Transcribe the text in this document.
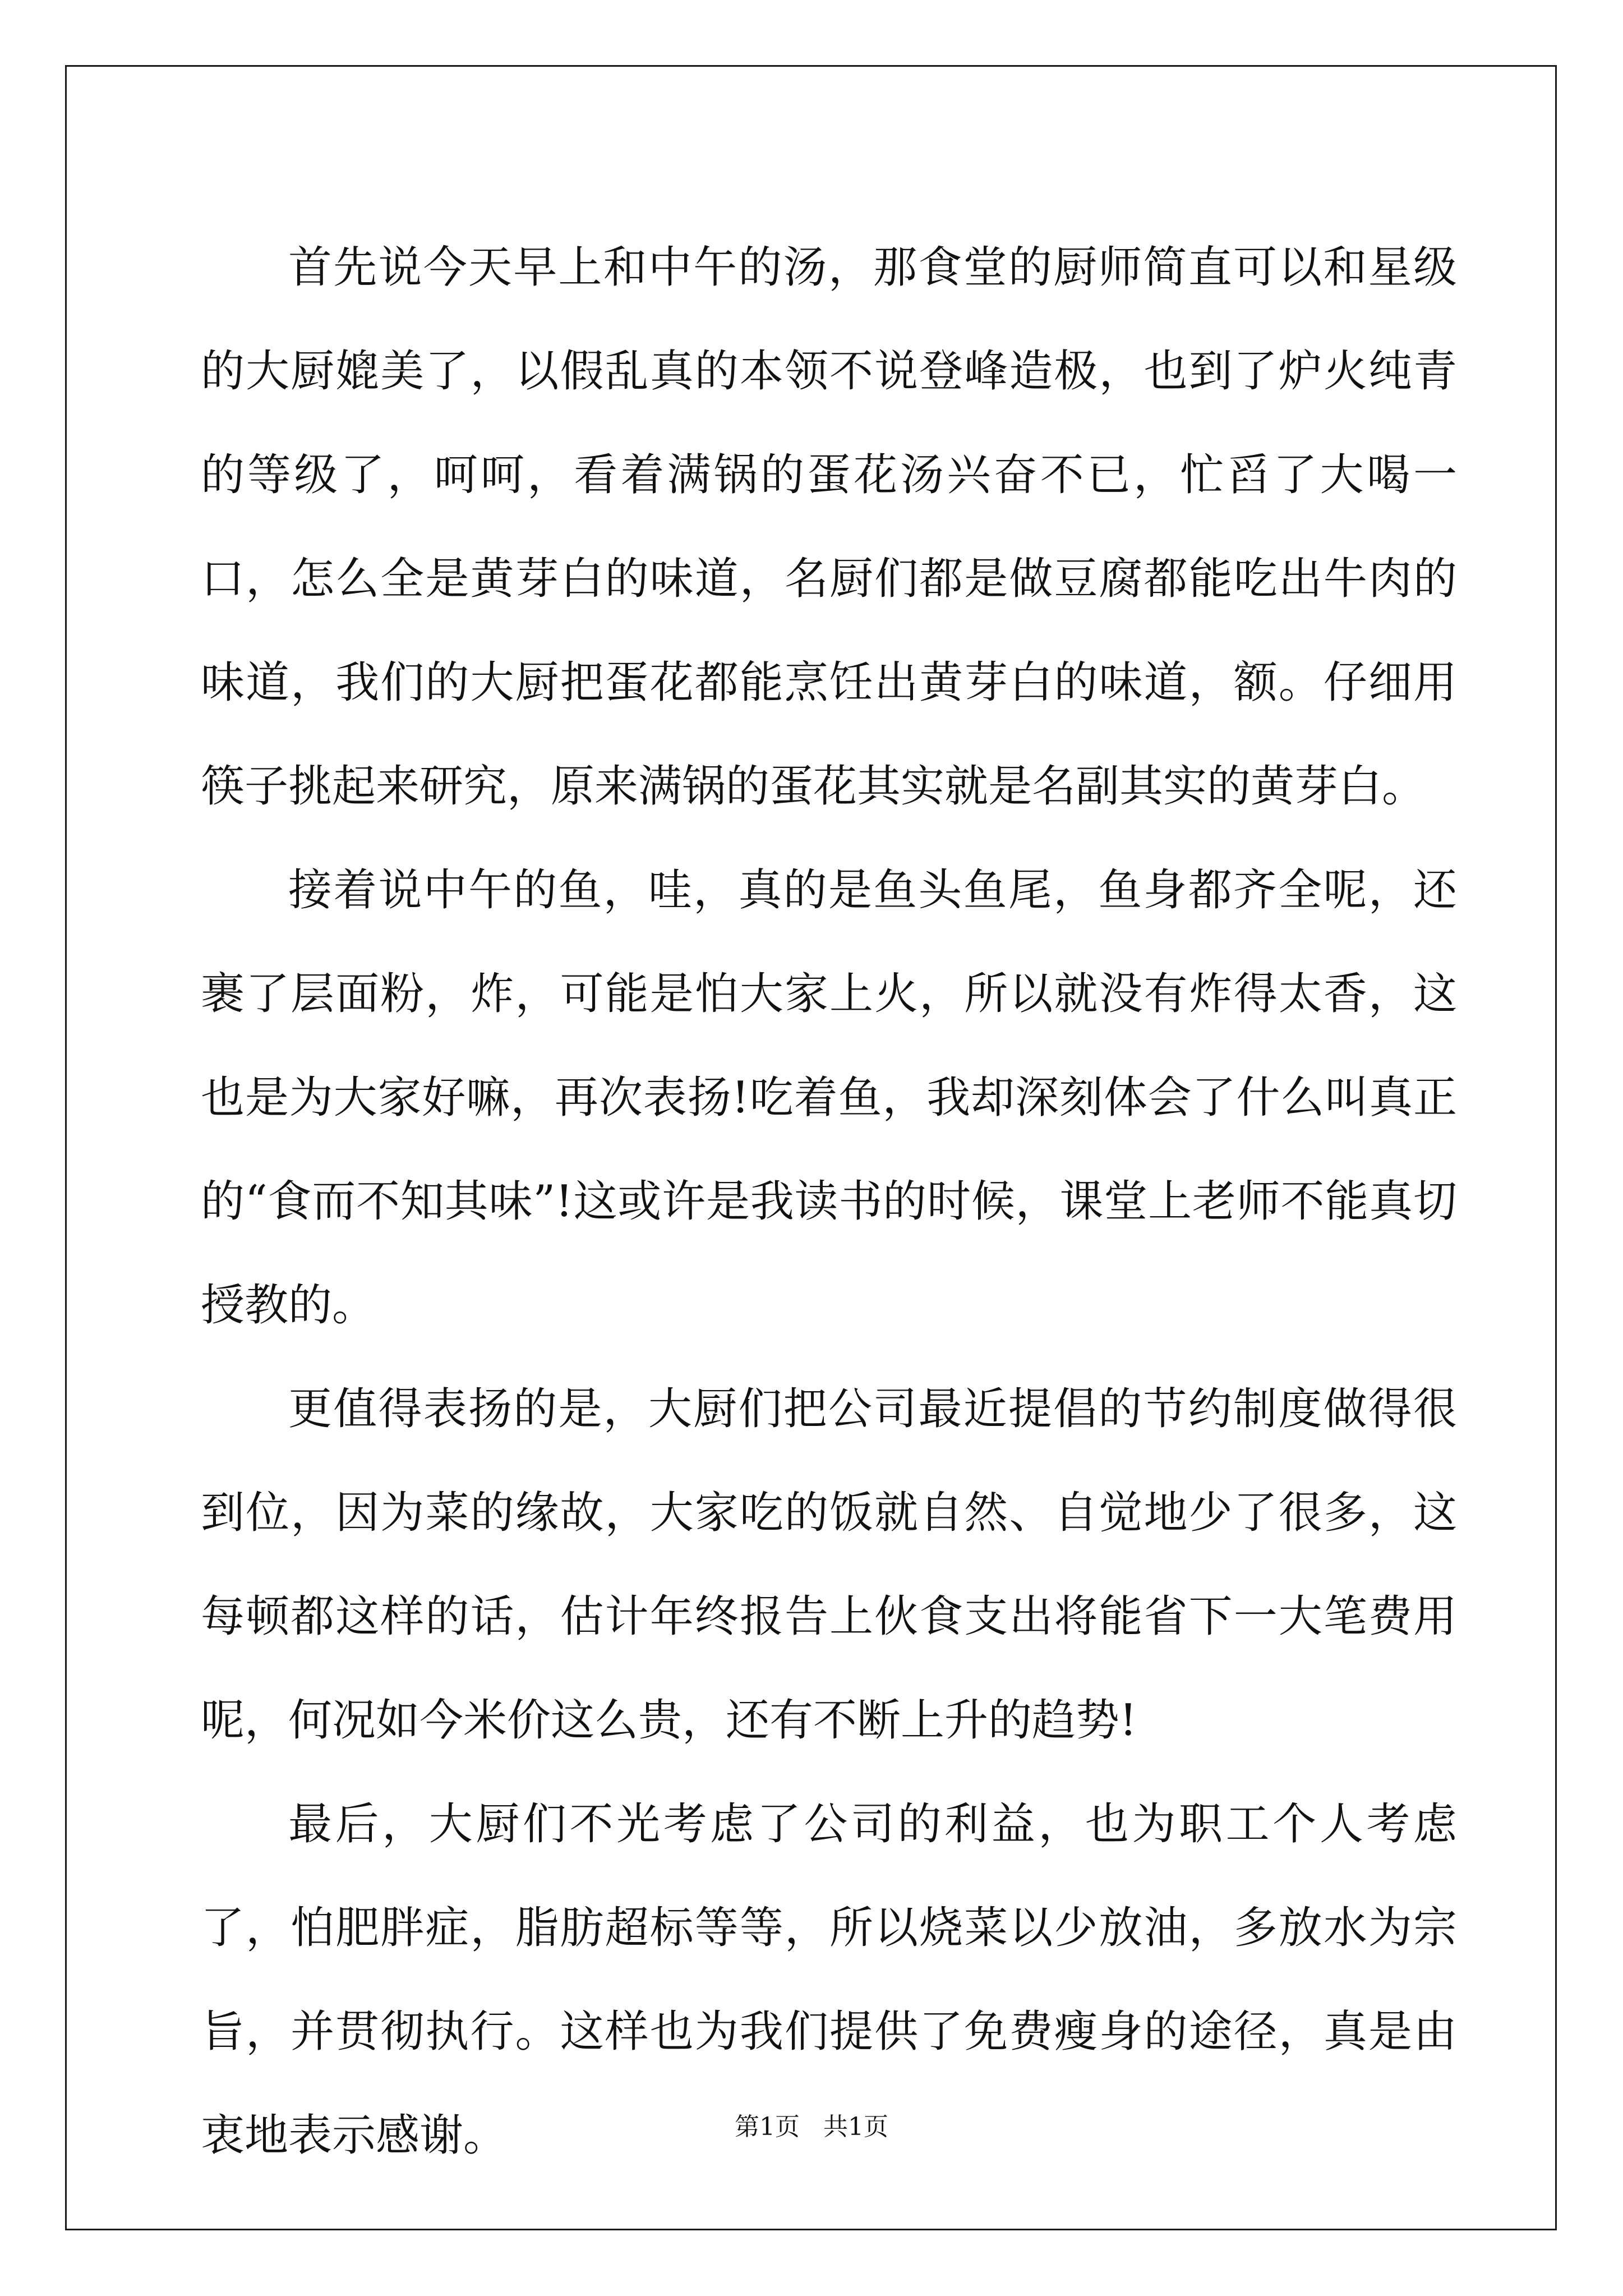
首先说今天早上和中午的汤，那食堂的厨师简直可以和星级的大厨媲美了，以假乱真的本领不说登峰造极，也到了炉火纯青的等级了，呵呵，看着满锅的蛋花汤兴奋不已，忙舀了大喝一口，怎么全是黄芽白的味道，名厨们都是做豆腐都能吃出牛肉的味道，我们的大厨把蛋花都能烹饪出黄芽白的味道，额。仔细用筷子挑起来研究，原来满锅的蛋花其实就是名副其实的黄芽白。

接着说中午的鱼，哇，真的是鱼头鱼尾，鱼身都齐全呢，还裹了层面粉，炸，可能是怕大家上火，所以就没有炸得太香，这也是为大家好嘛，再次表扬!吃着鱼，我却深刻体会了什么叫真正的“食而不知其味”!这或许是我读书的时候，课堂上老师不能真切授教的。

更值得表扬的是，大厨们把公司最近提倡的节约制度做得很到位，因为菜的缘故，大家吃的饭就自然、自觉地少了很多，这每顿都这样的话，估计年终报告上伙食支出将能省下一大笔费用呢，何况如今米价这么贵，还有不断上升的趋势!

最后，大厨们不光考虑了公司的利益，也为职工个人考虑了，怕肥胖症，脂肪超标等等，所以烧菜以少放油，多放水为宗旨，并贯彻执行。这样也为我们提供了免费瘦身的途径，真是由衷地表示感谢。	第1页   共1页
